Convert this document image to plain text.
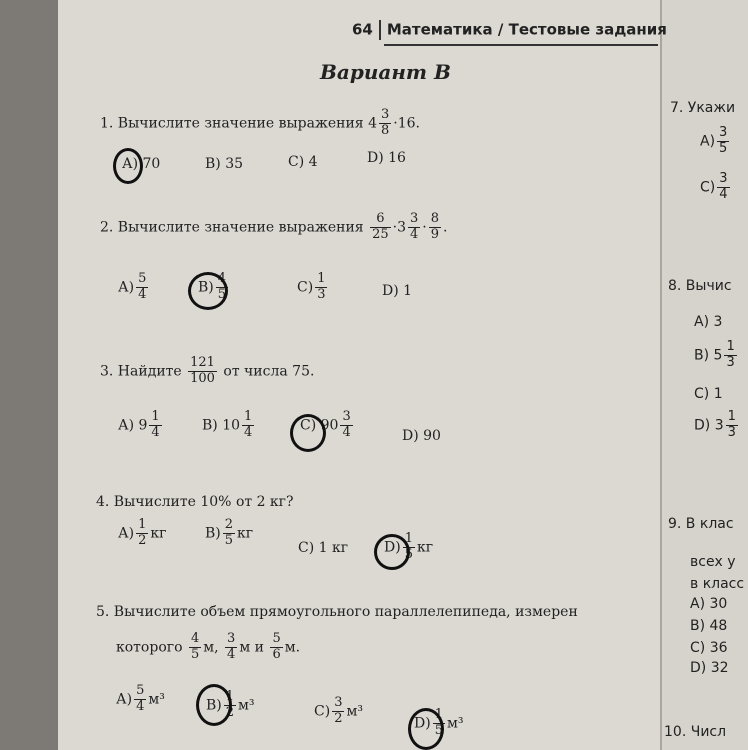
64 Математика / Тестовые задания
Вариант В
1. Вычислите значение выражения $4 \frac{3}{8} \cdot 16$.
А) 70	В) 35	С) 4	D) 16
2. Вычислите значение выражения $\frac{6}{25} \cdot 3 \frac{3}{4} \cdot \frac{8}{9}$ .
$А) \frac{5}{4}$	$В) \frac{4}{5}$	$С) \frac{1}{3}$	D) 1
3. Найдите $\frac{121}{100}$ от числа 75.
А) $9 \frac{1}{4}$	В) $10 \frac{1}{4}$	С) $90 \frac{3}{4}$	D) 90
4. Вычислите 10% от 2 кг?
$А) \frac{1}{2}$ кг	$В) \frac{2}{5}$ кг
С) 1 кг	$D) \frac{1}{5}$ кг
5. Вычислите объем прямоугольного параллелепипеда, измерен
которого $\frac{4}{5} м$, $\frac{3}{4}$ м и $\frac{5}{6} м$.
$А) \frac{5}{4} м^3$	$В) \frac{1}{2} м^3$	$С) \frac{3}{2} м^3$
$D) \frac{1}{5} м^3$
7. Укажи
$А) \frac{3}{5}$
$С) \frac{3}{4}$
8. Вычис
А) 3
В) $5 \frac{1}{3}$
С) 1
D) $3 \frac{1}{3}$
9. В клас
всех у
в класс
А) 30
В) 48
С) 36
D) 32
10. Числ
